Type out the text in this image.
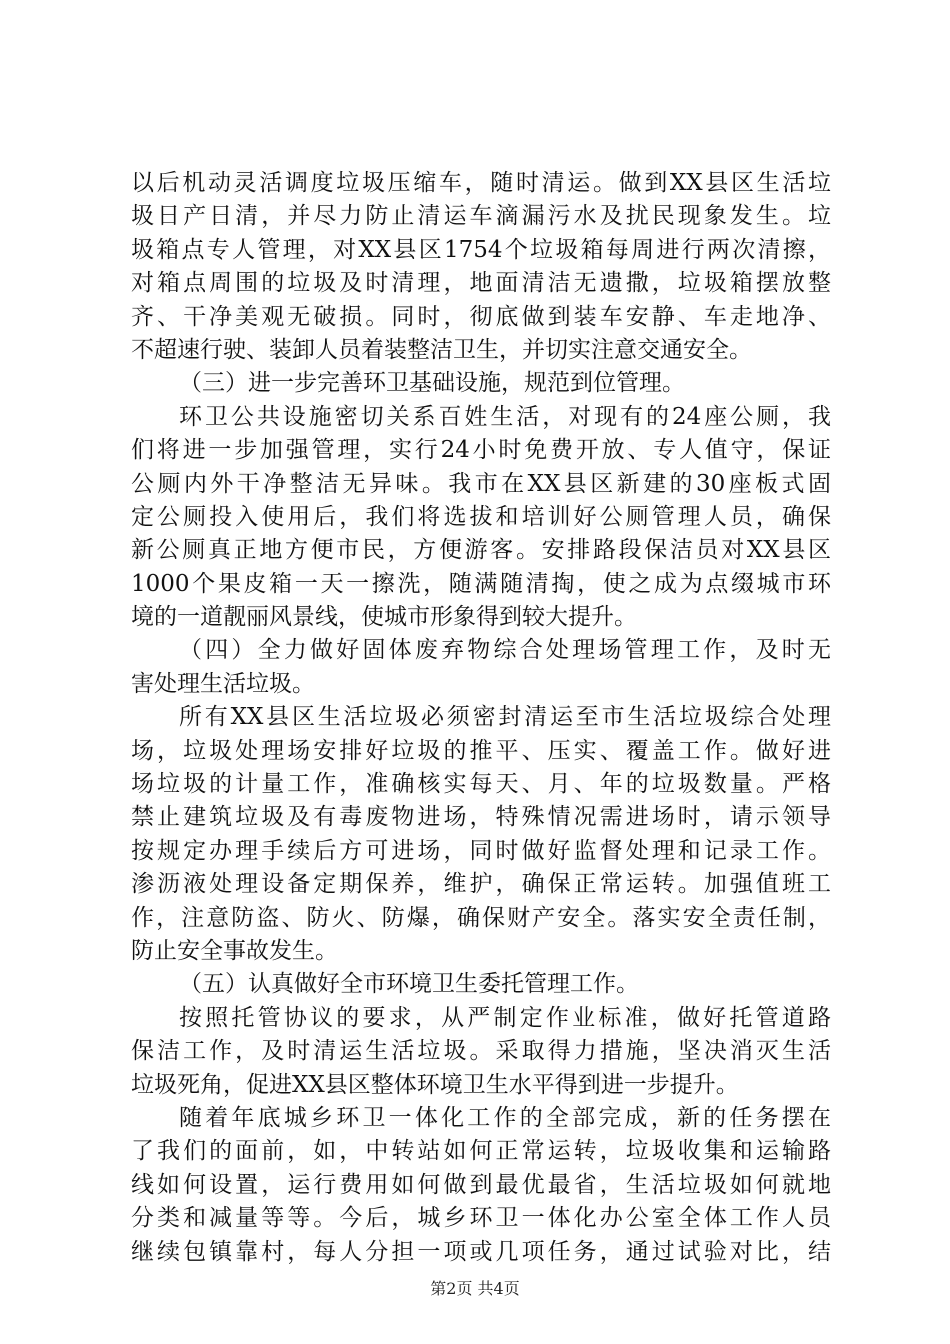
以后机动灵活调度垃圾压缩车，随时清运。做到XX县区生活垃
圾日产日清，并尽力防止清运车滴漏污水及扰民现象发生。垃
圾箱点专人管理，对XX县区1754个垃圾箱每周进行两次清擦，
对箱点周围的垃圾及时清理，地面清洁无遗撒，垃圾箱摆放整
齐、干净美观无破损。同时，彻底做到装车安静、车走地净、
不超速行驶、装卸人员着装整洁卫生，并切实注意交通安全。
（三）进一步完善环卫基础设施，规范到位管理。
环卫公共设施密切关系百姓生活，对现有的24座公厕，我
们将进一步加强管理，实行24小时免费开放、专人值守，保证
公厕内外干净整洁无异味。我市在XX县区新建的30座板式固
定公厕投入使用后，我们将选拔和培训好公厕管理人员，确保
新公厕真正地方便市民，方便游客。安排路段保洁员对XX县区
1000个果皮箱一天一擦洗，随满随清掏，使之成为点缀城市环
境的一道靓丽风景线，使城市形象得到较大提升。
（四）全力做好固体废弃物综合处理场管理工作，及时无
害处理生活垃圾。
所有XX县区生活垃圾必须密封清运至市生活垃圾综合处理
场，垃圾处理场安排好垃圾的推平、压实、覆盖工作。做好进
场垃圾的计量工作，准确核实每天、月、年的垃圾数量。严格
禁止建筑垃圾及有毒废物进场，特殊情况需进场时，请示领导
按规定办理手续后方可进场，同时做好监督处理和记录工作。
渗沥液处理设备定期保养，维护，确保正常运转。加强值班工
作，注意防盗、防火、防爆，确保财产安全。落实安全责任制，
防止安全事故发生。
（五）认真做好全市环境卫生委托管理工作。
按照托管协议的要求，从严制定作业标准，做好托管道路
保洁工作，及时清运生活垃圾。采取得力措施，坚决消灭生活
垃圾死角，促进XX县区整体环境卫生水平得到进一步提升。
随着年底城乡环卫一体化工作的全部完成，新的任务摆在
了我们的面前，如，中转站如何正常运转，垃圾收集和运输路
线如何设置，运行费用如何做到最优最省，生活垃圾如何就地
分类和减量等等。今后，城乡环卫一体化办公室全体工作人员
继续包镇靠村，每人分担一项或几项任务，通过试验对比，结
第2页 共4页
